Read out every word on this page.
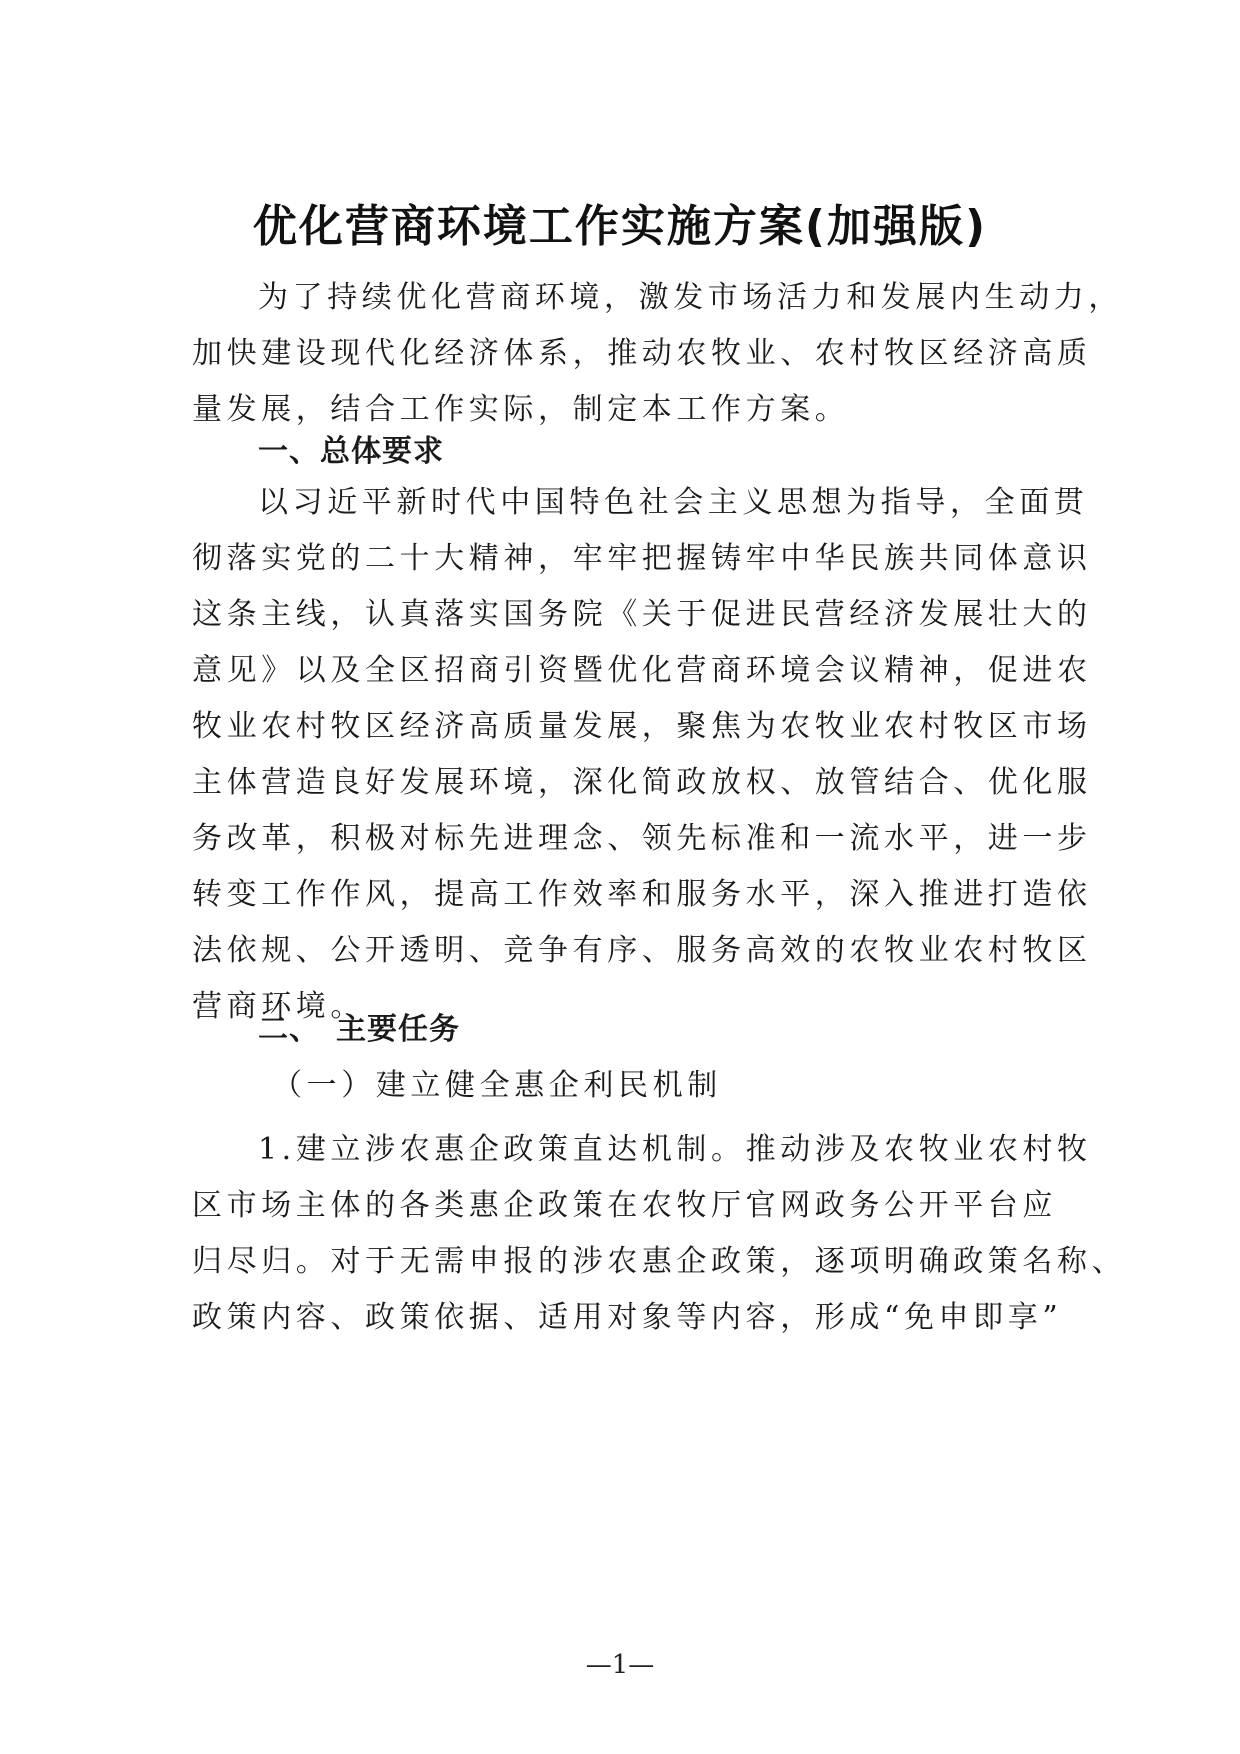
优化营商环境工作实施方案(加强版)
为了持续优化营商环境，激发市场活力和发展内生动力，
加快建设现代化经济体系，推动农牧业、农村牧区经济高质
量发展，结合工作实际，制定本工作方案。
一、总体要求
以习近平新时代中国特色社会主义思想为指导，全面贯
彻落实党的二十大精神，牢牢把握铸牢中华民族共同体意识
这条主线，认真落实国务院《关于促进民营经济发展壮大的
意见》以及全区招商引资暨优化营商环境会议精神，促进农
牧业农村牧区经济高质量发展，聚焦为农牧业农村牧区市场
主体营造良好发展环境，深化简政放权、放管结合、优化服
务改革，积极对标先进理念、领先标准和一流水平，进一步
转变工作作风，提高工作效率和服务水平，深入推进打造依
法依规、公开透明、竞争有序、服务高效的农牧业农村牧区
营商环境。
二、　主要任务
（一）建立健全惠企利民机制
1.建立涉农惠企政策直达机制。推动涉及农牧业农村牧
区市场主体的各类惠企政策在农牧厅官网政务公开平台应
归尽归。对于无需申报的涉农惠企政策，逐项明确政策名称、
政策内容、政策依据、适用对象等内容，形成“免申即享”
—1—
